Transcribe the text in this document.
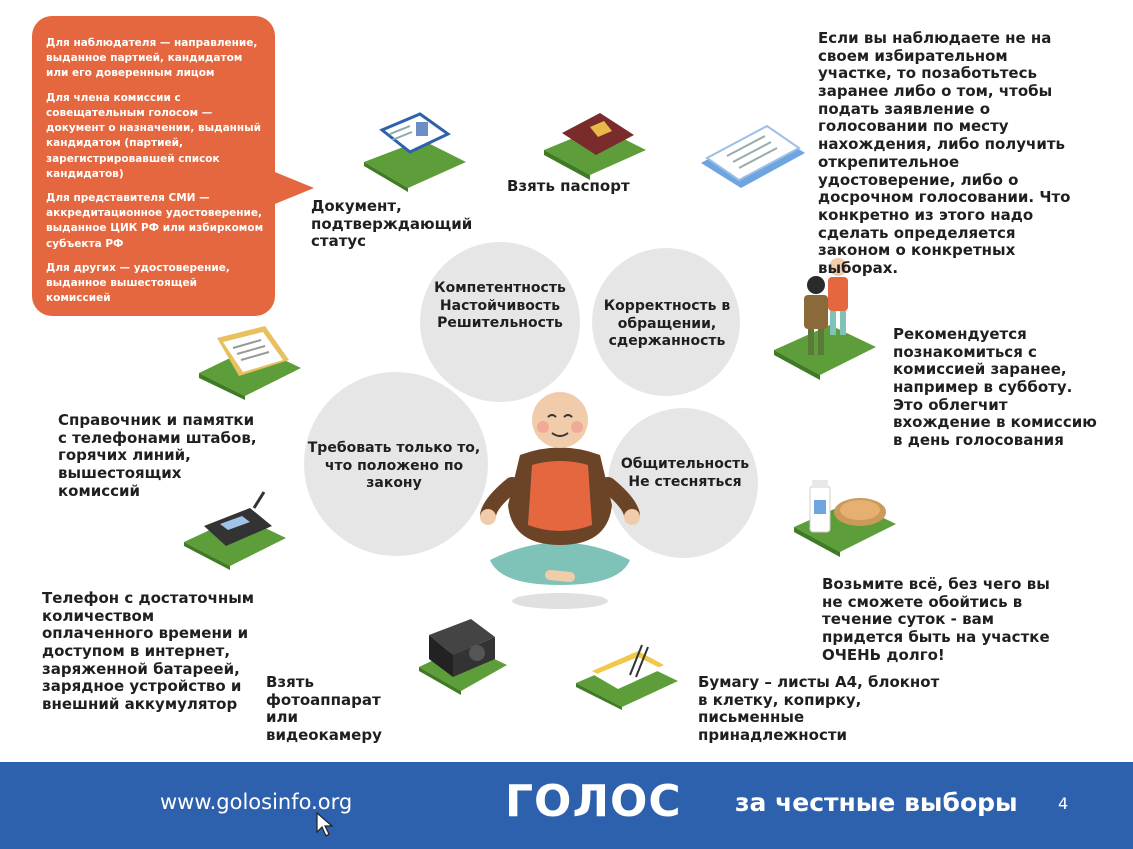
Для наблюдателя — направление, выданное партией, кандидатом или его доверенным лицом

Для члена комиссии с совещательным голосом — документ о назначении, выданный кандидатом (партией, зарегистрировавшей список кандидатов)

Для представителя СМИ — аккредитационное удостоверение, выданное ЦИК РФ или избиркомом субъекта РФ

Для других — удостоверение, выданное вышестоящей комиссией

Компетентность Настойчивость Решительность
Корректность в обращении, сдержанность
Требовать только то, что положено по закону
Общительность Не стесняться
Документ, подтверждающий статус
Взять паспорт
Если вы наблюдаете не на своем избирательном участке, то позаботьтесь заранее либо о том, чтобы подать заявление о голосовании по месту нахождения, либо получить открепительное удостоверение, либо о досрочном голосовании. Что конкретно из этого надо сделать определяется законом о конкретных выборах.
Справочник и памятки с телефонами штабов, горячих линий, вышестоящих комиссий
Рекомендуется познакомиться с комиссией заранее, например в субботу. Это облегчит вхождение в комиссию в день голосования
Телефон с достаточным количеством оплаченного времени и доступом в интернет, заряженной батареей, зарядное устройство и внешний аккумулятор
Возьмите всё, без чего вы не сможете обойтись в течение суток - вам придется быть на участке ОЧЕНЬ долго!
Взять фотоаппарат или видеокамеру
Бумагу – листы А4, блокнот в клетку, копирку, письменные принадлежности
www.golosinfo.org	ГОЛОС за честные выборы	4
